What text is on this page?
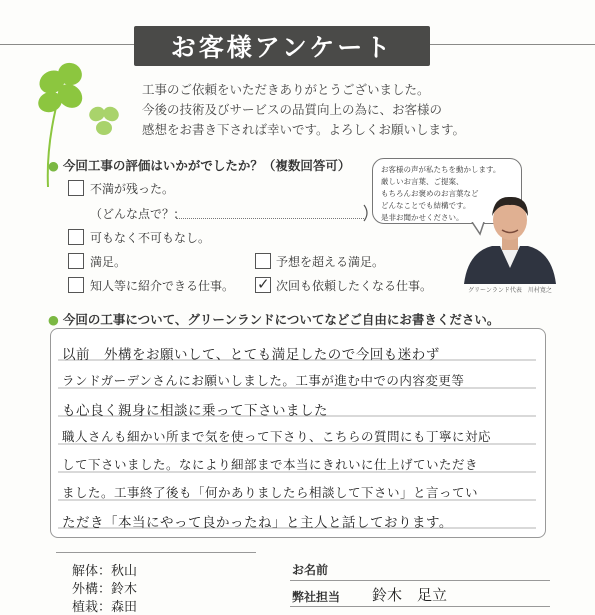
お客様アンケート
工事のご依頼をいただきありがとうございました。
今後の技術及びサービスの品質向上の為に、お客様の
感想をお書き下されば幸いです。よろしくお願いします。
● 今回工事の評価はいかがでしたか？（複数回答可）
不満が残った。
（どんな点で？:
可もなく不可もなし。
満足。	予想を超える満足。
知人等に紹介できる仕事。 ✓ 次回も依頼したくなる仕事。
お客様の声が私たちを動かします。
厳しいお言葉、ご提案、
もちろんお褒めのお言葉など
どんなことでも結構です。
是非お聞かせください。
グリーンランド代表　川村寛之
● 今回の工事について、グリーンランドについてなどご自由にお書きください。
以前　外構をお願いして、とても満足したので今回も迷わず
ランドガーデンさんにお願いしました。工事が進む中での内容変更等
も心良く親身に相談に乗って下さいました
職人さんも細かい所まで気を使って下さり、こちらの質問にも丁寧に対応
して下さいました。なにより細部まで本当にきれいに仕上げていただき
ました。工事終了後も「何かありましたら相談して下さい」と言ってい
ただき「本当にやって良かったね」と主人と話しております。
解体：秋山
外構：鈴木
植栽：森田
お名前
弊社担当 鈴木　足立
